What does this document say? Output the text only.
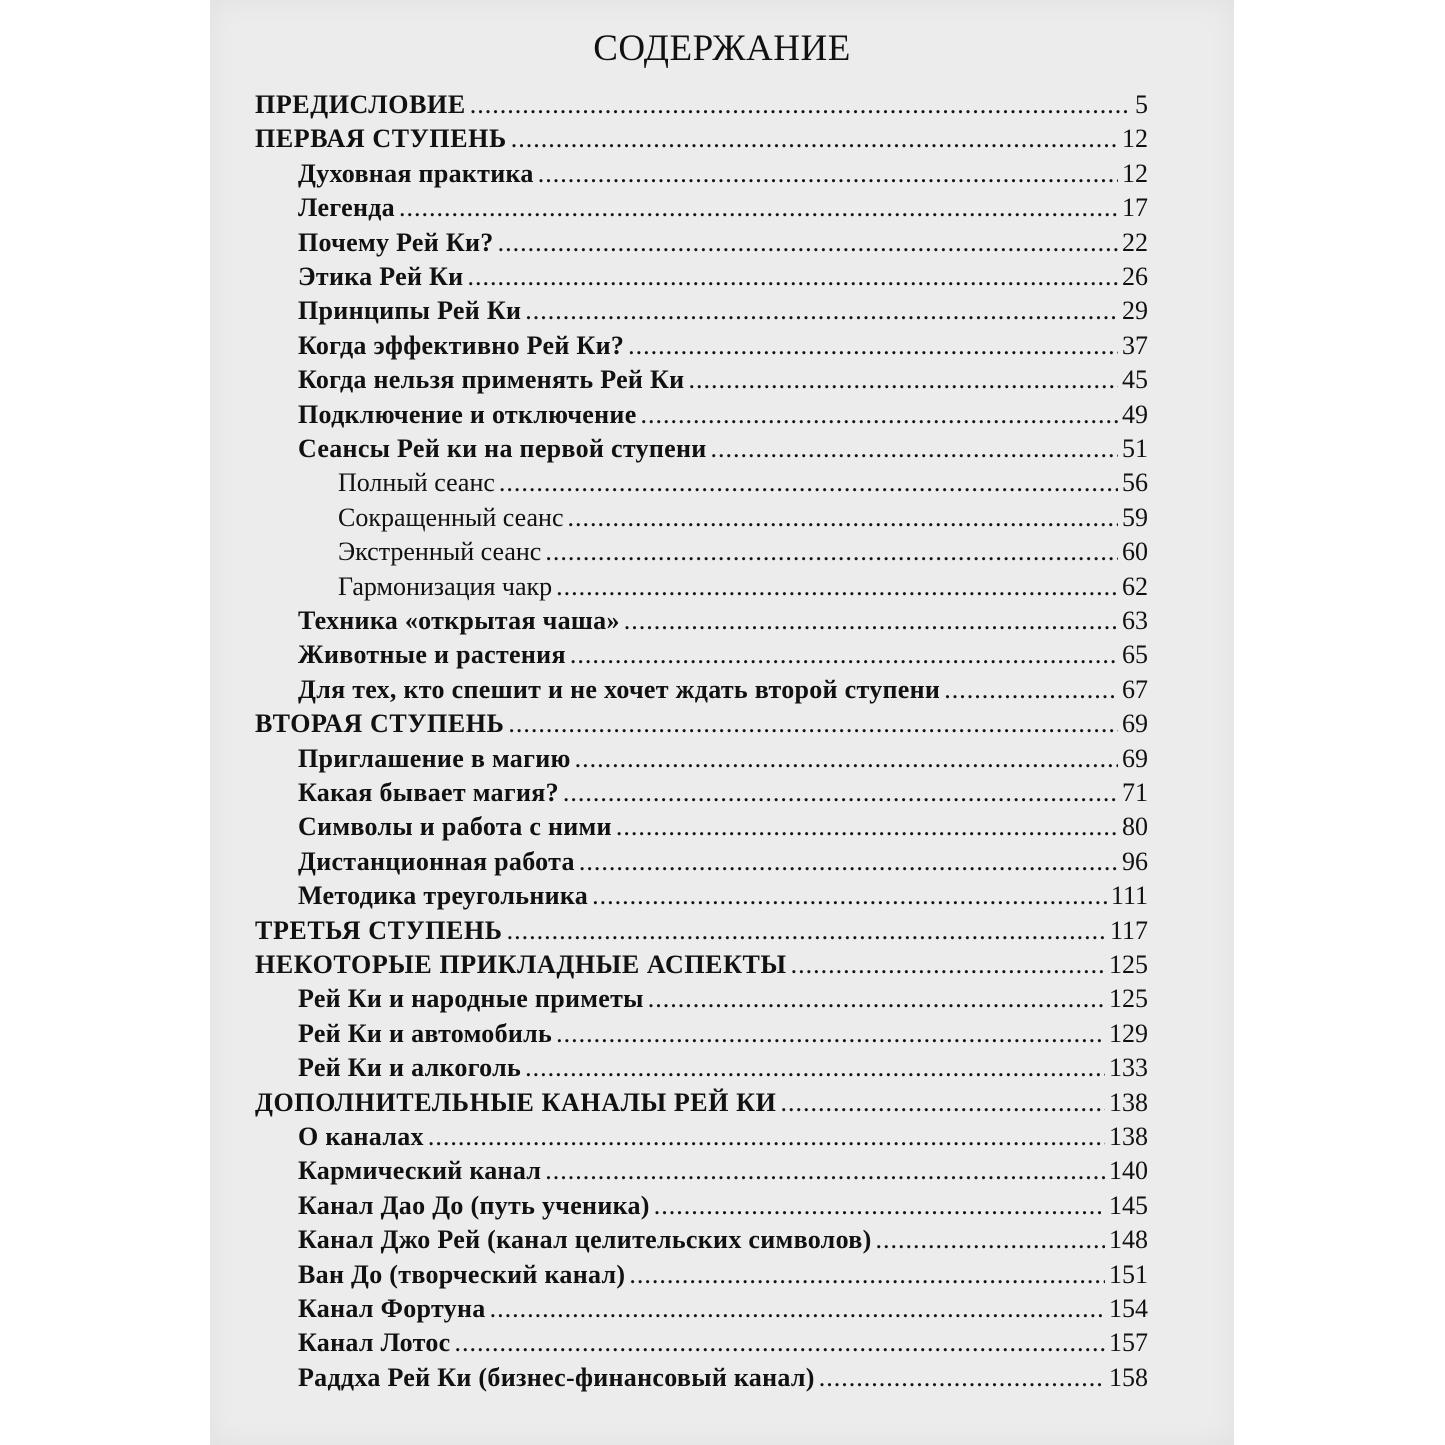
СОДЕРЖАНИЕ
ПРЕДИСЛОВИЕ .....	5
ПЕРВАЯ СТУПЕНЬ .....	12
Духовная практика .....	12
Легенда .....	17
Почему Рей Ки? .....	22
Этика Рей Ки .....	26
Принципы Рей Ки .....	29
Когда эффективно Рей Ки? .....	37
Когда нельзя применять Рей Ки .....	45
Подключение и отключение .....	49
Сеансы Рей ки на первой ступени .....	51
Полный сеанс .....	56
Сокращенный сеанс .....	59
Экстренный сеанс .....	60
Гармонизация чакр .....	62
Техника «открытая чаша» .....	63
Животные и растения .....	65
Для тех, кто спешит и не хочет ждать второй ступени .....	67
ВТОРАЯ СТУПЕНЬ .....	69
Приглашение в магию .....	69
Какая бывает магия? .....	71
Символы и работа с ними .....	80
Дистанционная работа .....	96
Методика треугольника .....	111
ТРЕТЬЯ СТУПЕНЬ .....	117
НЕКОТОРЫЕ ПРИКЛАДНЫЕ АСПЕКТЫ .....	125
Рей Ки и народные приметы .....	125
Рей Ки и автомобиль .....	129
Рей Ки и алкоголь .....	133
ДОПОЛНИТЕЛЬНЫЕ КАНАЛЫ РЕЙ КИ .....	138
О каналах .....	138
Кармический канал .....	140
Канал Дао До (путь ученика) .....	145
Канал Джо Рей (канал целительских символов) .....	148
Ван До (творческий канал) .....	151
Канал Фортуна .....	154
Канал Лотос .....	157
Раддха Рей Ки (бизнес-финансовый канал) .....	158
